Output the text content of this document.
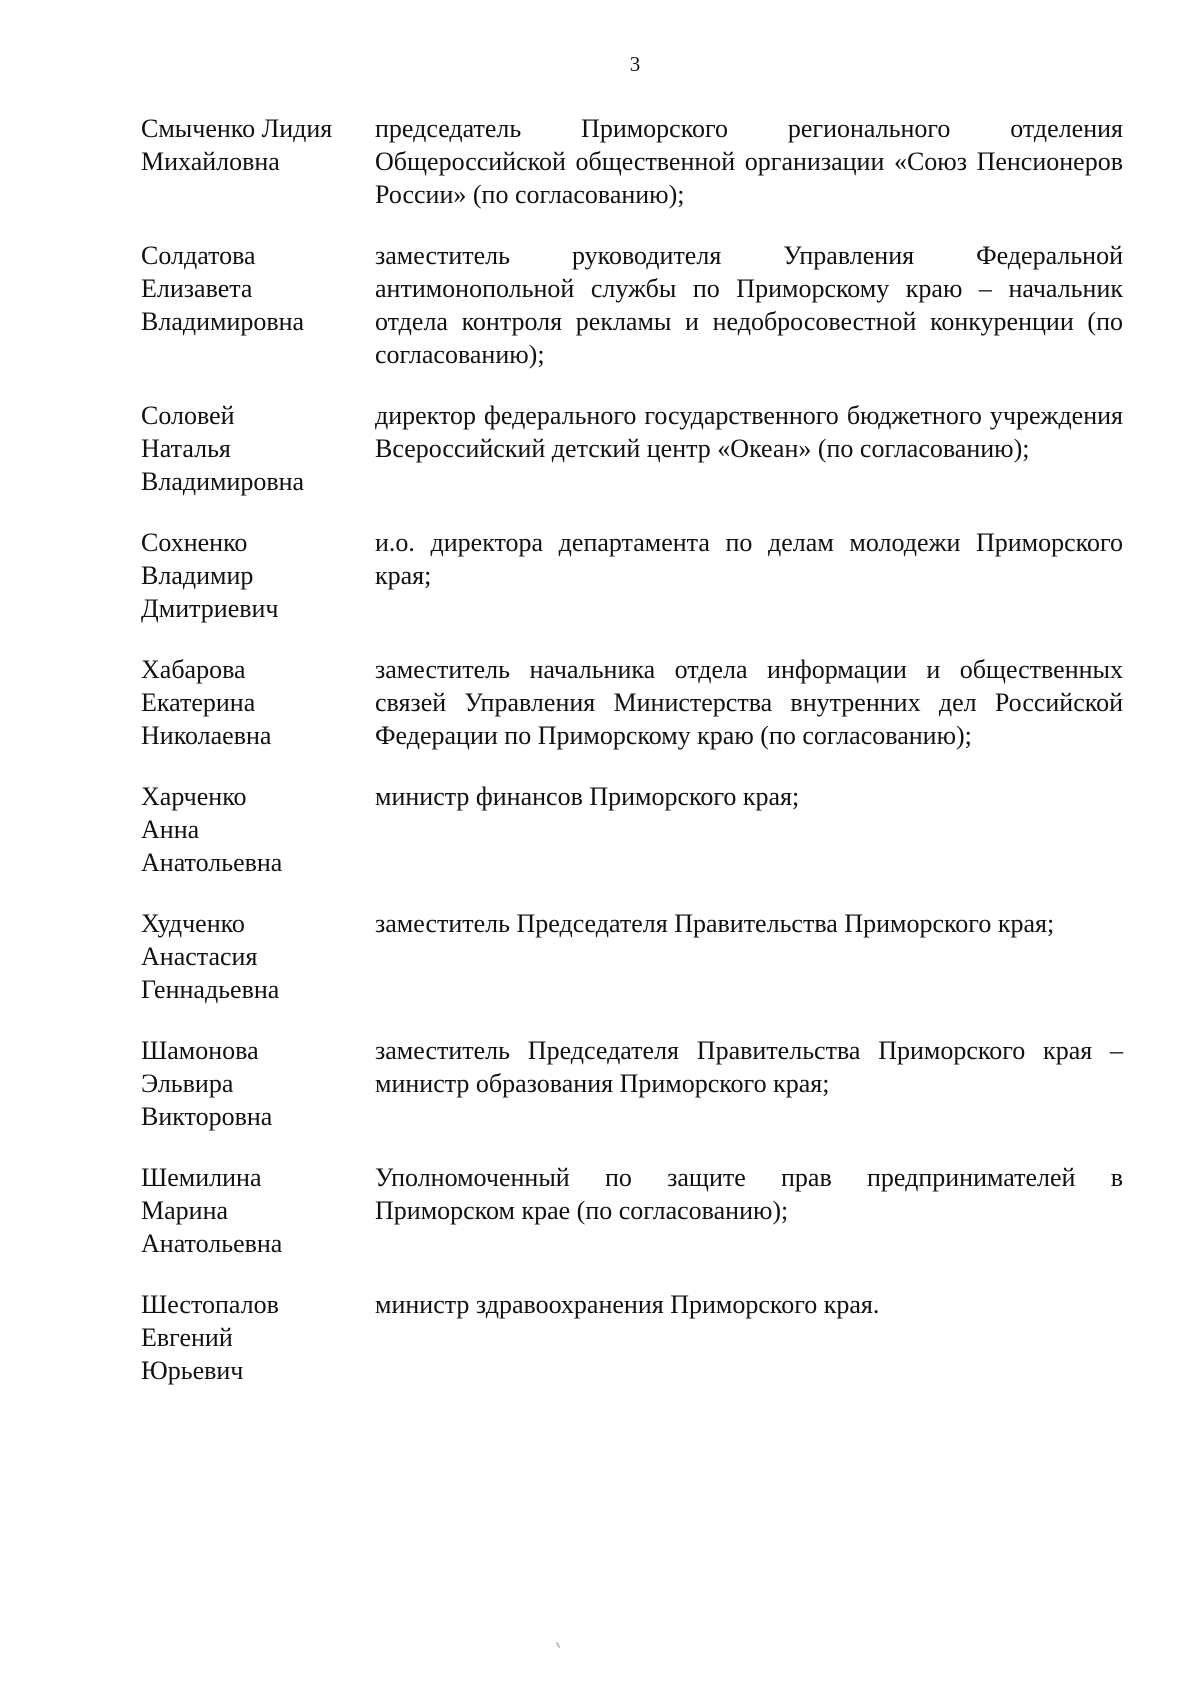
3
Смыченко Лидия
Михайловна
председатель Приморского регионального отделения Общероссийской общественной организации «Союз Пенсионеров России» (по согласованию);
Солдатова
Елизавета
Владимировна
заместитель руководителя Управления Федеральной антимонопольной службы по Приморскому краю – начальник отдела контроля рекламы и недобросовестной конкуренции (по согласованию);
Соловей
Наталья
Владимировна
директор федерального государственного бюджетного учреждения Всероссийский детский центр «Океан» (по согласованию);
Сохненко
Владимир
Дмитриевич
и.о. директора департамента по делам молодежи Приморского края;
Хабарова
Екатерина
Николаевна
заместитель начальника отдела информации и общественных связей Управления Министерства внутренних дел Российской Федерации по Приморскому краю (по согласованию);
Харченко
Анна
Анатольевна
министр финансов Приморского края;
Худченко
Анастасия
Геннадьевна
заместитель Председателя Правительства Приморского края;
Шамонова
Эльвира
Викторовна
заместитель Председателя Правительства Приморского края – министр образования Приморского края;
Шемилина
Марина
Анатольевна
Уполномоченный по защите прав предпринимателей в Приморском крае (по согласованию);
Шестопалов
Евгений
Юрьевич
министр здравоохранения Приморского края.
